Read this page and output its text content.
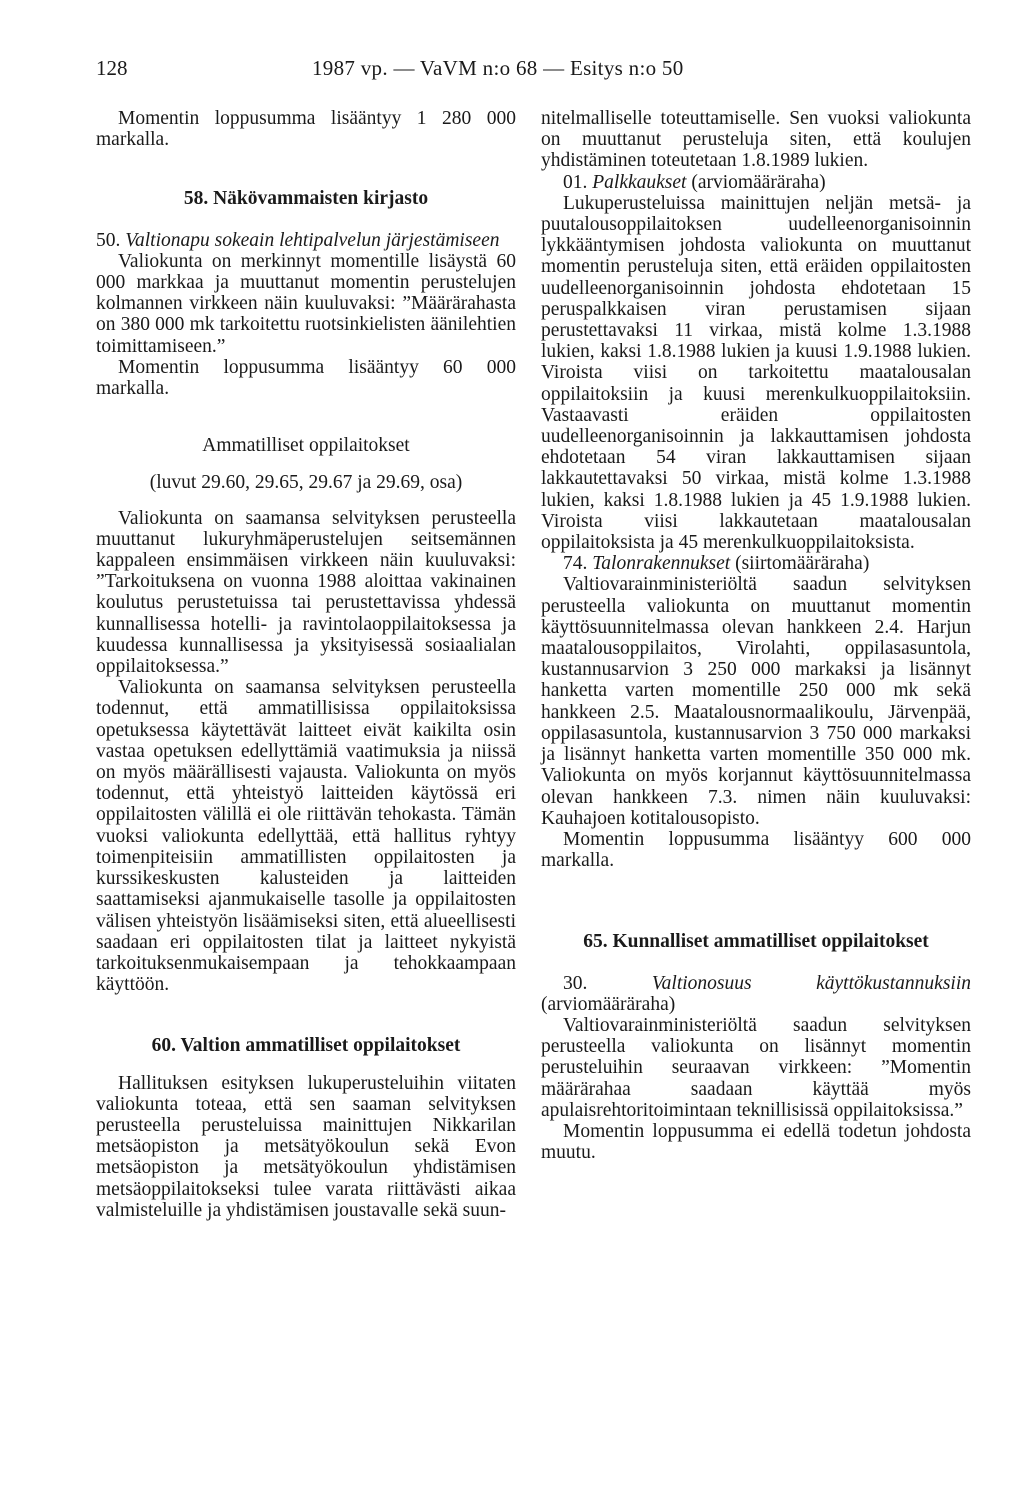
128	1987 vp. — VaVM n:o 68 — Esitys n:o 50

Momentin loppusumma lisääntyy 1 280 000 markalla.

58. Näkövammaisten kirjasto

50. Valtionapu sokeain lehtipalvelun järjestämiseen

Valiokunta on merkinnyt momentille lisäystä 60 000 markkaa ja muuttanut momentin perustelujen kolmannen virkkeen näin kuuluvaksi: ”Määrärahasta on 380 000 mk tarkoitettu ruotsinkielisten äänilehtien toimittamiseen.”

Momentin loppusumma lisääntyy 60 000 markalla.

Ammatilliset oppilaitokset

(luvut 29.60, 29.65, 29.67 ja 29.69, osa)

Valiokunta on saamansa selvityksen perusteella muuttanut lukuryhmäperustelujen seitsemännen kappaleen ensimmäisen virkkeen näin kuuluvaksi: ”Tarkoituksena on vuonna 1988 aloittaa vakinainen koulutus perustetuissa tai perustettavissa yhdessä kunnallisessa hotelli- ja ravintolaoppilaitoksessa ja kuudessa kunnallisessa ja yksityisessä sosiaalialan oppilaitoksessa.”

Valiokunta on saamansa selvityksen perusteella todennut, että ammatillisissa oppilaitoksissa opetuksessa käytettävät laitteet eivät kaikilta osin vastaa opetuksen edellyttämiä vaatimuksia ja niissä on myös määrällisesti vajausta. Valiokunta on myös todennut, että yhteistyö laitteiden käytössä eri oppilaitosten välillä ei ole riittävän tehokasta. Tämän vuoksi valiokunta edellyttää, että hallitus ryhtyy toimenpiteisiin ammatillisten oppilaitosten ja kurssikeskusten kalusteiden ja laitteiden saattamiseksi ajanmukaiselle tasolle ja oppilaitosten välisen yhteistyön lisäämiseksi siten, että alueellisesti saadaan eri oppilaitosten tilat ja laitteet nykyistä tarkoituksenmukaisempaan ja tehokkaampaan käyttöön.

60. Valtion ammatilliset oppilaitokset

Hallituksen esityksen lukuperusteluihin viitaten valiokunta toteaa, että sen saaman selvityksen perusteella perusteluissa mainittujen Nikkarilan metsäopiston ja metsätyökoulun sekä Evon metsäopiston ja metsätyökoulun yhdistämisen metsäoppilaitokseksi tulee varata riittävästi aikaa valmisteluille ja yhdistämisen joustavalle sekä suun-

nitelmalliselle toteuttamiselle. Sen vuoksi valiokunta on muuttanut perusteluja siten, että koulujen yhdistäminen toteutetaan 1.8.1989 lukien.

01. Palkkaukset (arviomääräraha)

Lukuperusteluissa mainittujen neljän metsä- ja puutalousoppilaitoksen uudelleenorganisoinnin lykkääntymisen johdosta valiokunta on muuttanut momentin perusteluja siten, että eräiden oppilaitosten uudelleenorganisoinnin johdosta ehdotetaan 15 peruspalkkaisen viran perustamisen sijaan perustettavaksi 11 virkaa, mistä kolme 1.3.1988 lukien, kaksi 1.8.1988 lukien ja kuusi 1.9.1988 lukien. Viroista viisi on tarkoitettu maatalousalan oppilaitoksiin ja kuusi merenkulkuoppilaitoksiin. Vastaavasti eräiden oppilaitosten uudelleenorganisoinnin ja lakkauttamisen johdosta ehdotetaan 54 viran lakkauttamisen sijaan lakkautettavaksi 50 virkaa, mistä kolme 1.3.1988 lukien, kaksi 1.8.1988 lukien ja 45 1.9.1988 lukien. Viroista viisi lakkautetaan maatalousalan oppilaitoksista ja 45 merenkulkuoppilaitoksista.

74. Talonrakennukset (siirtomääräraha)

Valtiovarainministeriöltä saadun selvityksen perusteella valiokunta on muuttanut momentin käyttösuunnitelmassa olevan hankkeen 2.4. Harjun maatalousoppilaitos, Virolahti, oppilasasuntola, kustannusarvion 3 250 000 markaksi ja lisännyt hanketta varten momentille 250 000 mk sekä hankkeen 2.5. Maatalousnormaalikoulu, Järvenpää, oppilasasuntola, kustannusarvion 3 750 000 markaksi ja lisännyt hanketta varten momentille 350 000 mk. Valiokunta on myös korjannut käyttösuunnitelmassa olevan hankkeen 7.3. nimen näin kuuluvaksi: Kauhajoen kotitalousopisto.

Momentin loppusumma lisääntyy 600 000 markalla.

65. Kunnalliset ammatilliset oppilaitokset

30.	Valtionosuus käyttökustannuksiin (arviomääräraha)

Valtiovarainministeriöltä saadun selvityksen perusteella valiokunta on lisännyt momentin perusteluihin seuraavan virkkeen: ”Momentin määrärahaa saadaan käyttää myös apulaisrehtoritoimintaan teknillisissä oppilaitoksissa.”

Momentin loppusumma ei edellä todetun johdosta muutu.
